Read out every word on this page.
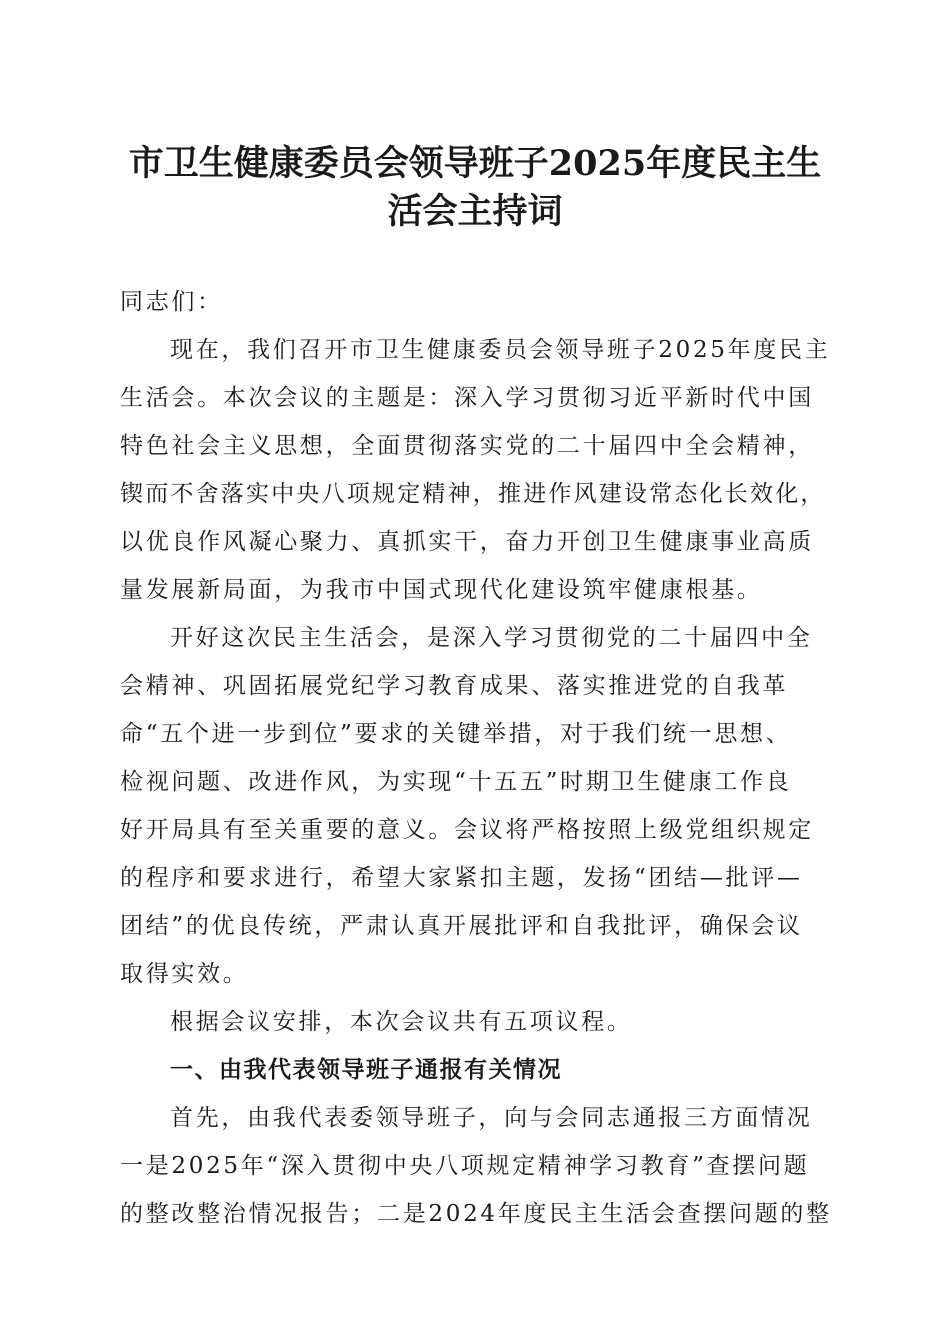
市卫生健康委员会领导班子2025年度民主生
活会主持词
同志们：
现在，我们召开市卫生健康委员会领导班子2025年度民主
生活会。本次会议的主题是：深入学习贯彻习近平新时代中国
特色社会主义思想，全面贯彻落实党的二十届四中全会精神，
锲而不舍落实中央八项规定精神，推进作风建设常态化长效化，
以优良作风凝心聚力、真抓实干，奋力开创卫生健康事业高质
量发展新局面，为我市中国式现代化建设筑牢健康根基。
开好这次民主生活会，是深入学习贯彻党的二十届四中全
会精神、巩固拓展党纪学习教育成果、落实推进党的自我革
命“五个进一步到位”要求的关键举措，对于我们统一思想、
检视问题、改进作风，为实现“十五五”时期卫生健康工作良
好开局具有至关重要的意义。会议将严格按照上级党组织规定
的程序和要求进行，希望大家紧扣主题，发扬“团结—批评—
团结”的优良传统，严肃认真开展批评和自我批评，确保会议
取得实效。
根据会议安排，本次会议共有五项议程。
一、由我代表领导班子通报有关情况
首先，由我代表委领导班子，向与会同志通报三方面情况
一是2025年“深入贯彻中央八项规定精神学习教育”查摆问题
的整改整治情况报告；二是2024年度民主生活会查摆问题的整
